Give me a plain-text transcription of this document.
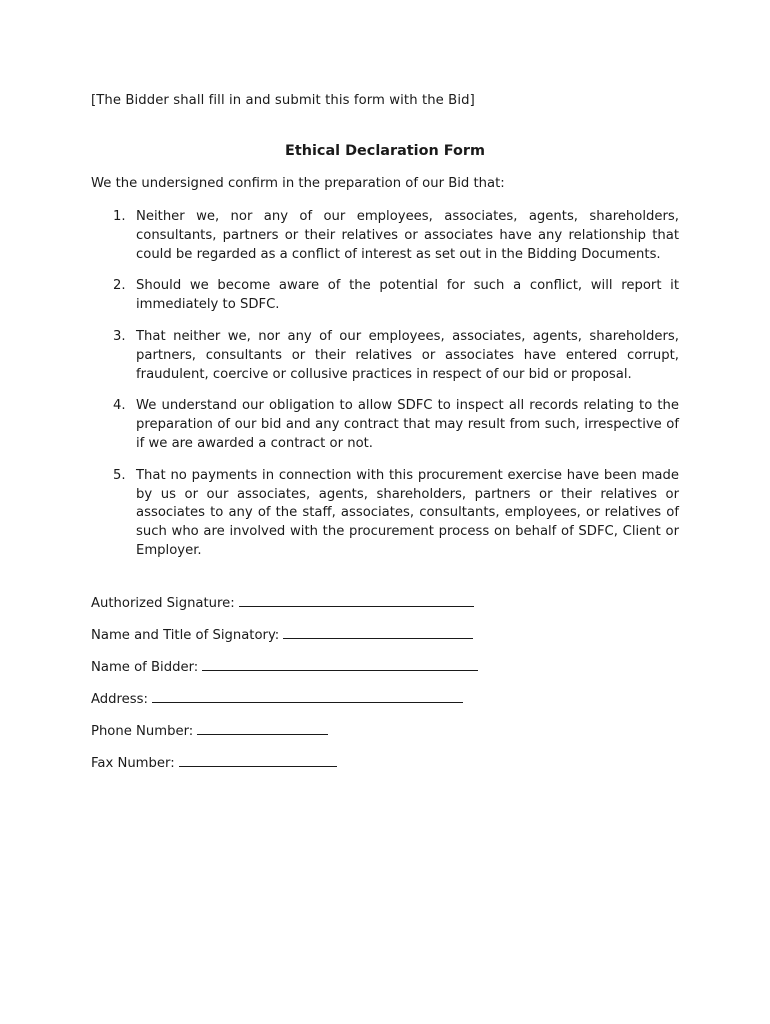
[The Bidder shall fill in and submit this form with the Bid]
Ethical Declaration Form
We the undersigned confirm in the preparation of our Bid that:
1. Neither we, nor any of our employees, associates, agents, shareholders, consultants, partners or their relatives or associates have any relationship that could be regarded as a conflict of interest as set out in the Bidding Documents.
2. Should we become aware of the potential for such a conflict, will report it immediately to SDFC.
3. That neither we, nor any of our employees, associates, agents, shareholders, partners, consultants or their relatives or associates have entered corrupt, fraudulent, coercive or collusive practices in respect of our bid or proposal.
4. We understand our obligation to allow SDFC to inspect all records relating to the preparation of our bid and any contract that may result from such, irrespective of if we are awarded a contract or not.
5. That no payments in connection with this procurement exercise have been made by us or our associates, agents, shareholders, partners or their relatives or associates to any of the staff, associates, consultants, employees, or relatives of such who are involved with the procurement process on behalf of SDFC, Client or Employer.
Authorized Signature:
Name and Title of Signatory:
Name of Bidder:
Address:
Phone Number:
Fax Number:
